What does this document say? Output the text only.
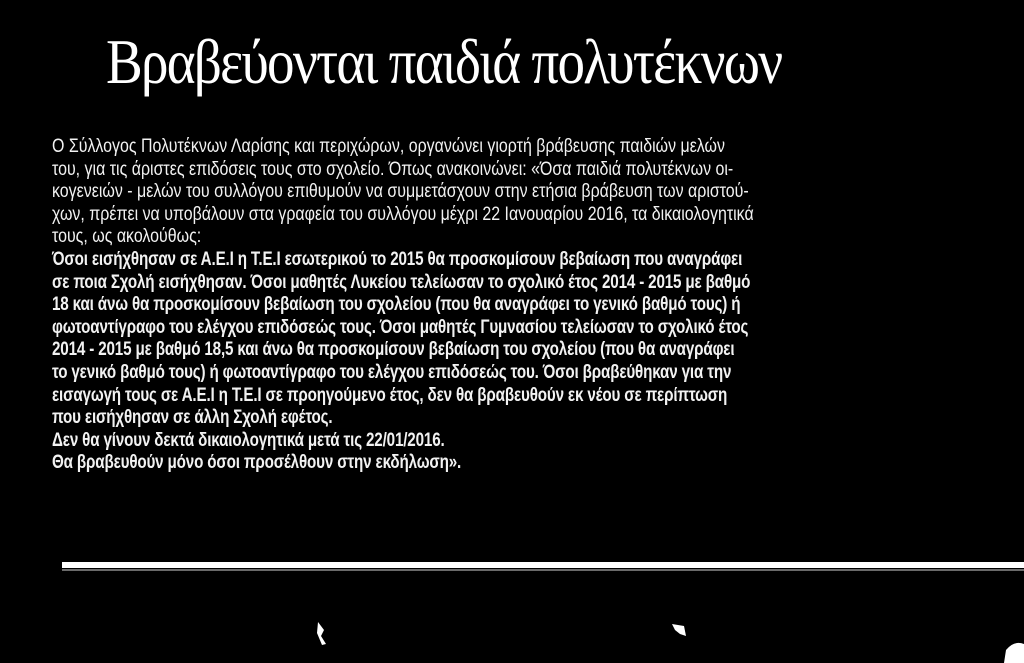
Βραβεύονται παιδιά πολυτέκνων
Ο Σύλλογος Πολυτέκνων Λαρίσης και περιχώρων, οργανώνει γιορτή βράβευσης παιδιών μελών
του, για τις άριστες επιδόσεις τους στο σχολείο. Όπως ανακοινώνει: «Όσα παιδιά πολυτέκνων οι-
κογενειών - μελών του συλλόγου επιθυμούν να συμμετάσχουν στην ετήσια βράβευση των αριστού-
χων, πρέπει να υποβάλουν στα γραφεία του συλλόγου μέχρι 22 Ιανουαρίου 2016, τα δικαιολογητικά
τους, ως ακολούθως:
Όσοι εισήχθησαν σε Α.Ε.Ι η Τ.Ε.Ι εσωτερικού το 2015 θα προσκομίσουν βεβαίωση που αναγράφει
σε ποια Σχολή εισήχθησαν. Όσοι μαθητές Λυκείου τελείωσαν το σχολικό έτος 2014 - 2015 με βαθμό
18 και άνω θα προσκομίσουν βεβαίωση του σχολείου (που θα αναγράφει το γενικό βαθμό τους) ή
φωτοαντίγραφο του ελέγχου επιδόσεώς τους. Όσοι μαθητές Γυμνασίου τελείωσαν το σχολικό έτος
2014 - 2015 με βαθμό 18,5 και άνω θα προσκομίσουν βεβαίωση του σχολείου (που θα αναγράφει
το γενικό βαθμό τους) ή φωτοαντίγραφο του ελέγχου επιδόσεώς του. Όσοι βραβεύθηκαν για την
εισαγωγή τους σε Α.Ε.Ι η Τ.Ε.Ι σε προηγούμενο έτος, δεν θα βραβευθούν εκ νέου σε περίπτωση
που εισήχθησαν σε άλλη Σχολή εφέτος.
Δεν θα γίνουν δεκτά δικαιολογητικά μετά τις 22/01/2016.
Θα βραβευθούν μόνο όσοι προσέλθουν στην εκδήλωση».
